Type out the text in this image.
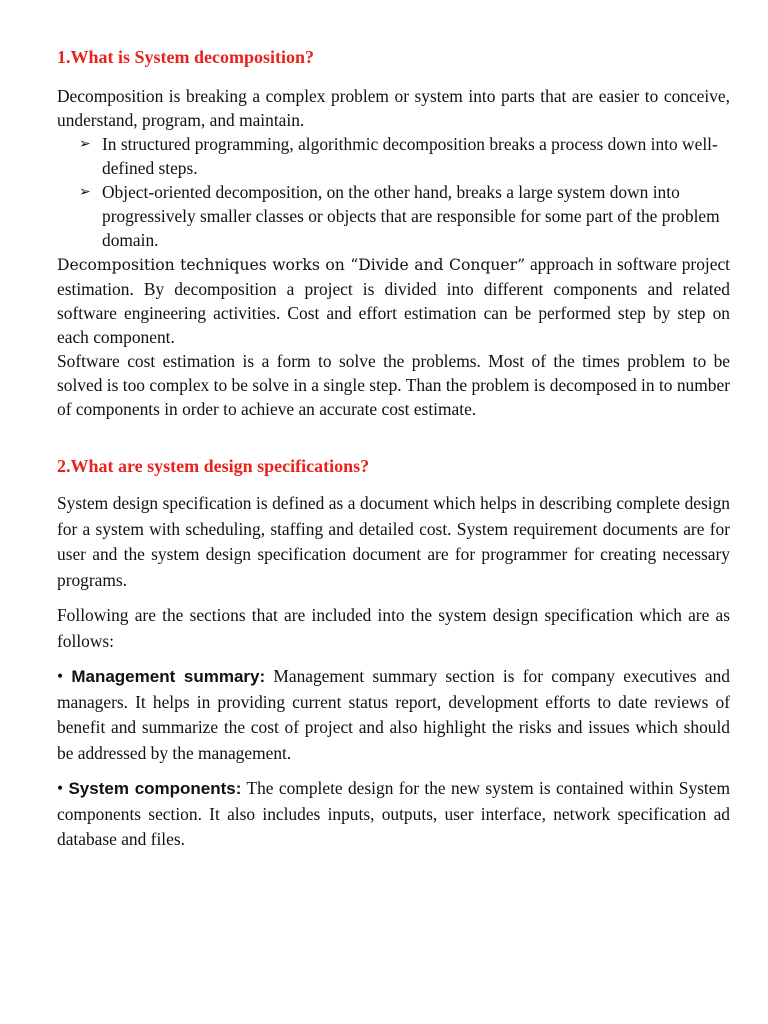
1.What is System decomposition?

Decomposition is breaking a complex problem or system into parts that are easier to conceive, understand, program, and maintain.

➢ In structured programming, algorithmic decomposition breaks a process down into well-defined steps.
➢ Object-oriented decomposition, on the other hand, breaks a large system down into progressively smaller classes or objects that are responsible for some part of the problem domain.

Decomposition techniques works on “Divide and Conquer” approach in software project estimation. By decomposition a project is divided into different components and related software engineering activities. Cost and effort estimation can be performed step by step on each component.

Software cost estimation is a form to solve the problems. Most of the times problem to be solved is too complex to be solve in a single step. Than the problem is decomposed in to number of components in order to achieve an accurate cost estimate.

2.What are system design specifications?

System design specification is defined as a document which helps in describing complete design for a system with scheduling, staffing and detailed cost. System requirement documents are for user and the system design specification document are for programmer for creating necessary programs.

Following are the sections that are included into the system design specification which are as follows:

• Management summary: Management summary section is for company executives and managers. It helps in providing current status report, development efforts to date reviews of benefit and summarize the cost of project and also highlight the risks and issues which should be addressed by the management.

• System components: The complete design for the new system is contained within System components section. It also includes inputs, outputs, user interface, network specification ad database and files.
